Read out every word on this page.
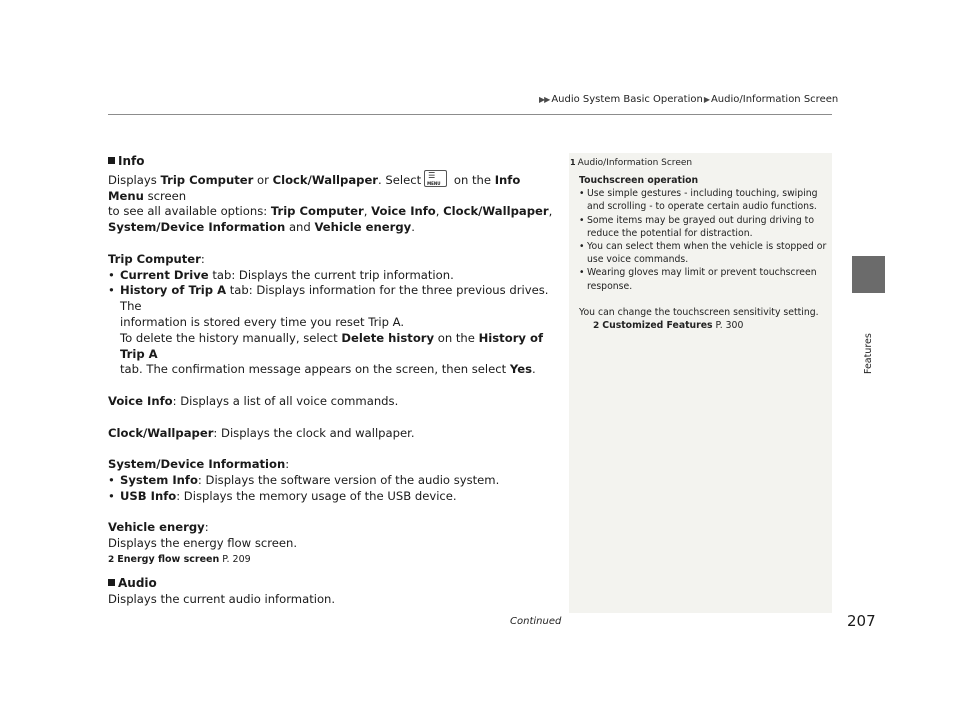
▶▶ Audio System Basic Operation▶Audio/Information Screen
Features

Info

Displays Trip Computer or Clock/Wallpaper. Select ☰
MENU on the Info Menu screen

to see all available options: Trip Computer, Voice Info, Clock/Wallpaper,

System/Device Information and Vehicle energy.

Trip Computer:

• Current Drive tab: Displays the current trip information.

• History of Trip A tab: Displays information for the three previous drives. The

information is stored every time you reset Trip A.

To delete the history manually, select Delete history on the History of Trip A

tab. The confirmation message appears on the screen, then select Yes.

Voice Info: Displays a list of all voice commands.

Clock/Wallpaper: Displays the clock and wallpaper.

System/Device Information:

• System Info: Displays the software version of the audio system.

• USB Info: Displays the memory usage of the USB device.

Vehicle energy:

Displays the energy flow screen.

2 Energy flow screen P. 209

Audio

Displays the current audio information.

1 Audio/Information Screen

Touchscreen operation

• Use simple gestures - including touching, swiping

and scrolling - to operate certain audio functions.

• Some items may be grayed out during driving to

reduce the potential for distraction.

• You can select them when the vehicle is stopped or

use voice commands.

• Wearing gloves may limit or prevent touchscreen

response.

You can change the touchscreen sensitivity setting.

2 Customized Features P. 300

Continued	207
